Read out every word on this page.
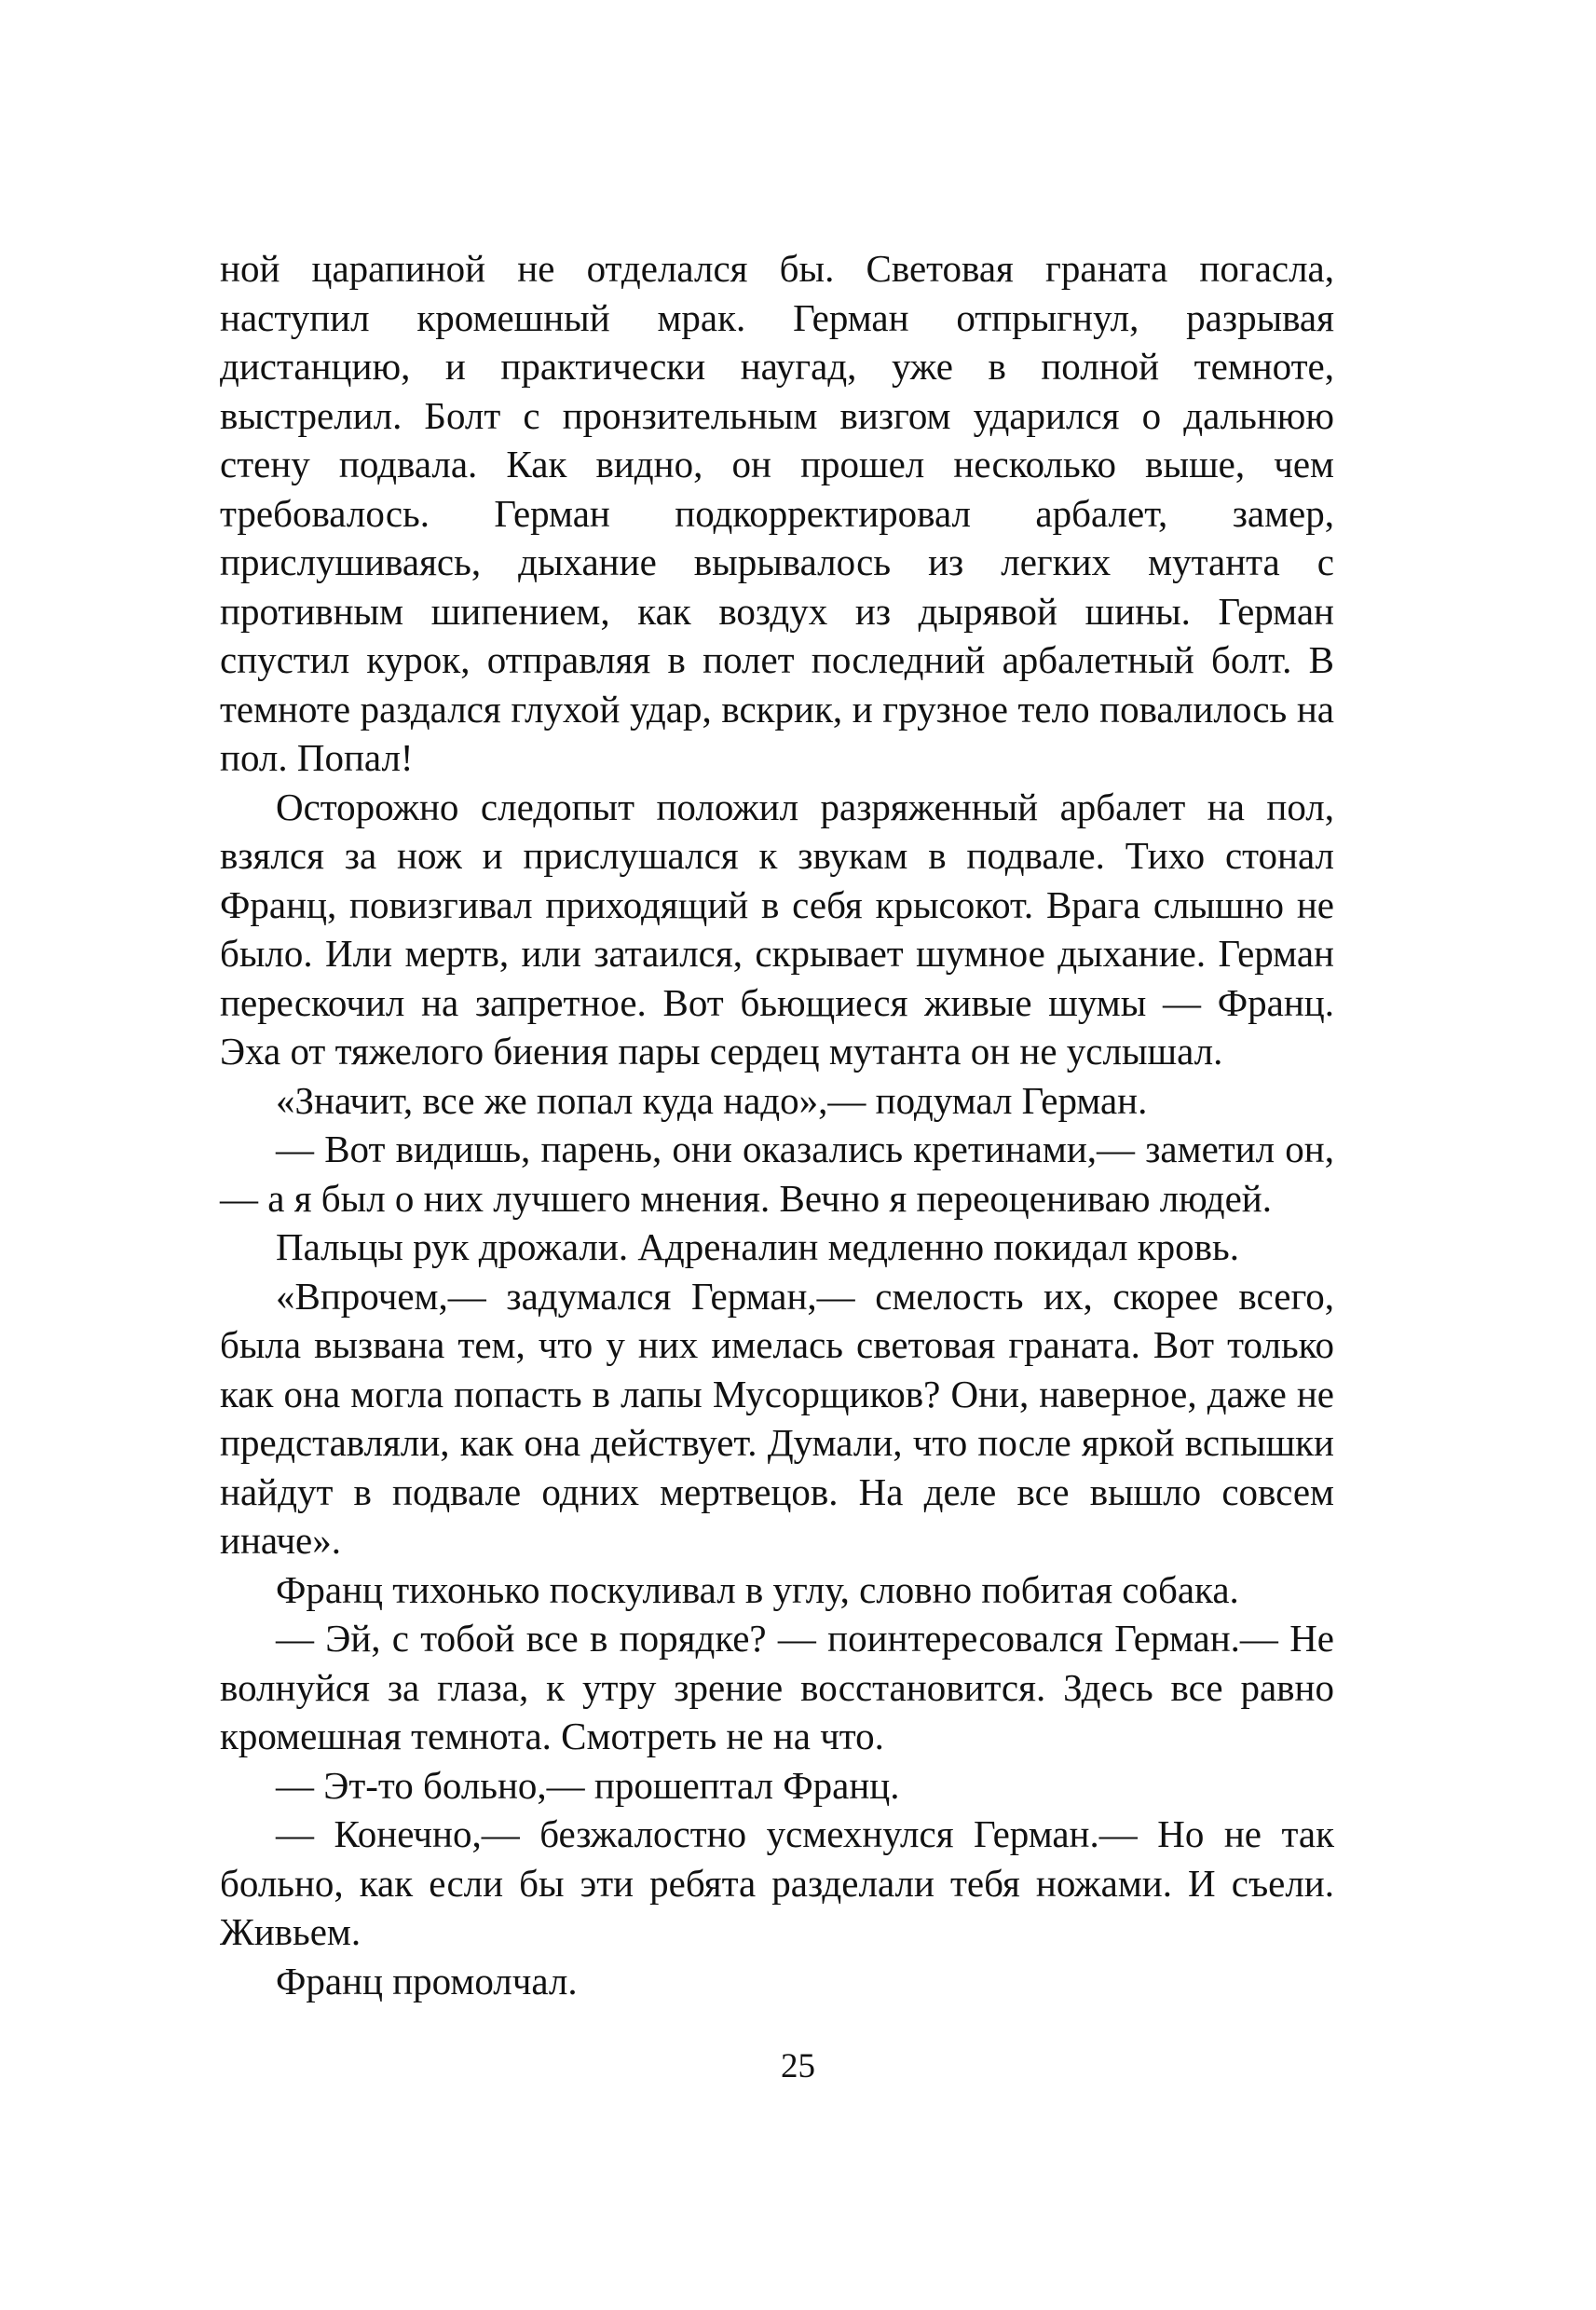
ной царапиной не отделался бы. Световая граната погасла, наступил кромешный мрак. Герман отпрыгнул, разрывая дистанцию, и практически наугад, уже в полной темноте, выстрелил. Болт с пронзительным визгом ударился о дальнюю стену подвала. Как видно, он прошел несколько выше, чем требовалось. Герман подкорректировал арбалет, замер, прислушиваясь, дыхание вырывалось из легких мутанта с противным шипением, как воздух из дырявой шины. Герман спустил курок, отправляя в полет последний арбалетный болт. В темноте раздался глухой удар, вскрик, и грузное тело повалилось на пол. Попал!

Осторожно следопыт положил разряженный арбалет на пол, взялся за нож и прислушался к звукам в подвале. Тихо стонал Франц, повизгивал приходящий в себя крысокот. Врага слышно не было. Или мертв, или затаился, скрывает шумное дыхание. Герман перескочил на запретное. Вот бьющиеся живые шумы — Франц. Эха от тяжелого биения пары сердец мутанта он не услышал.

«Значит, все же попал куда надо»,— подумал Герман.

— Вот видишь, парень, они оказались кретинами,— заметил он,— а я был о них лучшего мнения. Вечно я переоцениваю людей.

Пальцы рук дрожали. Адреналин медленно покидал кровь.

«Впрочем,— задумался Герман,— смелость их, скорее всего, была вызвана тем, что у них имелась световая граната. Вот только как она могла попасть в лапы Мусорщиков? Они, наверное, даже не представляли, как она действует. Думали, что после яркой вспышки найдут в подвале одних мертвецов. На деле все вышло совсем иначе».

Франц тихонько поскуливал в углу, словно побитая собака.

— Эй, с тобой все в порядке? — поинтересовался Герман.— Не волнуйся за глаза, к утру зрение восстановится. Здесь все равно кромешная темнота. Смотреть не на что.

— Эт-то больно,— прошептал Франц.

— Конечно,— безжалостно усмехнулся Герман.— Но не так больно, как если бы эти ребята разделали тебя ножами. И съели. Живьем.

Франц промолчал.

25
